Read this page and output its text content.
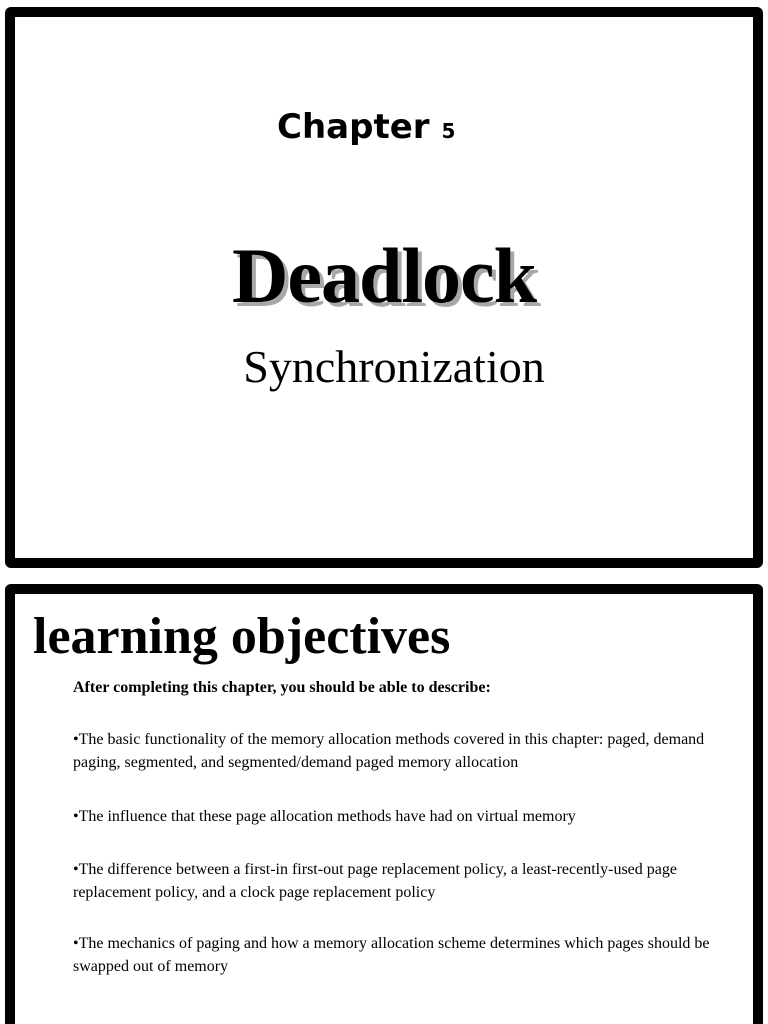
Chapter 5
Deadlock
Synchronization
learning objectives
After completing this chapter, you should be able to describe:
•The basic functionality of the memory allocation methods covered in this chapter: paged, demand paging, segmented, and segmented/demand paged memory allocation
•The influence that these page allocation methods have had on virtual memory
•The difference between a first-in first-out page replacement policy, a least-recently-used page replacement policy, and a clock page replacement policy
•The mechanics of paging and how a memory allocation scheme determines which pages should be swapped out of memory
